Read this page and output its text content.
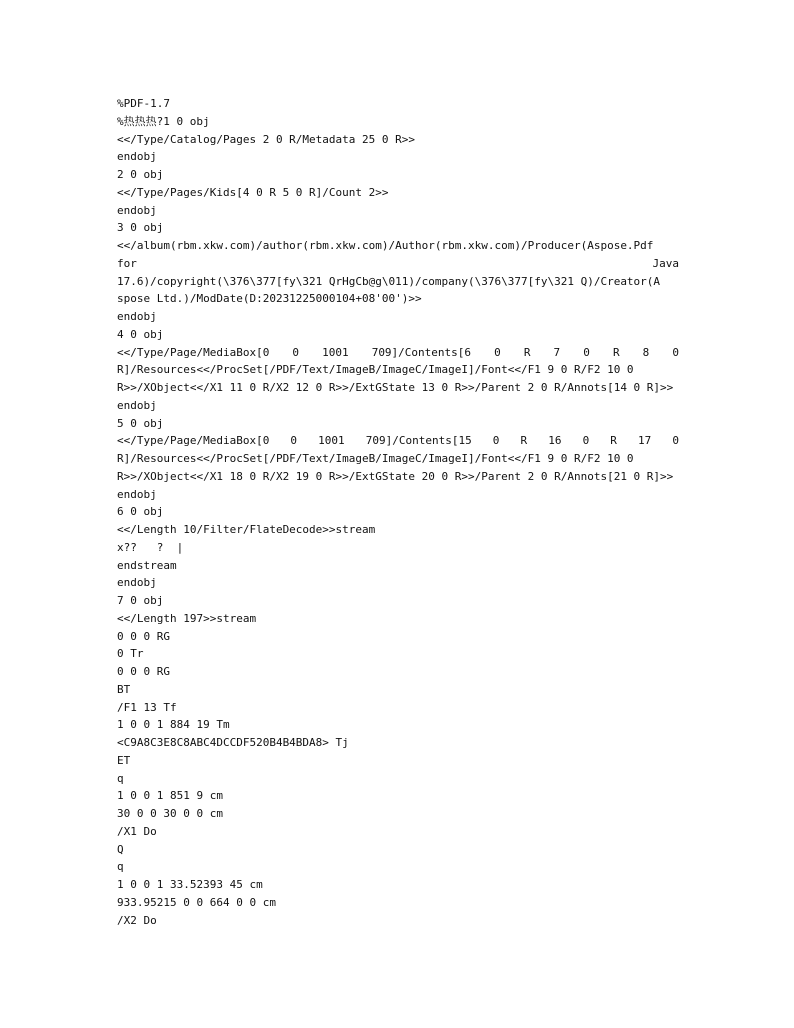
%PDF-1.7
%热热热?1 0 obj
<</Type/Catalog/Pages 2 0 R/Metadata 25 0 R>>
endobj
2 0 obj
<</Type/Pages/Kids[4 0 R 5 0 R]/Count 2>>
endobj
3 0 obj
<</album(rbm.xkw.com)/author(rbm.xkw.com)/Author(rbm.xkw.com)/Producer(Aspose.Pdf
for Java
17.6)/copyright(\376\377[fy\321 QrHgCb@g\011)/company(\376\377[fy\321 Q)/Creator(A
spose Ltd.)/ModDate(D:20231225000104+08'00')>>
endobj
4 0 obj
<</Type/Page/MediaBox[0 0 1001 709]/Contents[6 0 R 7 0 R 8 0
R]/Resources<</ProcSet[/PDF/Text/ImageB/ImageC/ImageI]/Font<</F1 9 0 R/F2 10 0
R>>/XObject<</X1 11 0 R/X2 12 0 R>>/ExtGState 13 0 R>>/Parent 2 0 R/Annots[14 0 R]>>
endobj
5 0 obj
<</Type/Page/MediaBox[0 0 1001 709]/Contents[15 0 R 16 0 R 17 0
R]/Resources<</ProcSet[/PDF/Text/ImageB/ImageC/ImageI]/Font<</F1 9 0 R/F2 10 0
R>>/XObject<</X1 18 0 R/X2 19 0 R>>/ExtGState 20 0 R>>/Parent 2 0 R/Annots[21 0 R]>>
endobj
6 0 obj
<</Length 10/Filter/FlateDecode>>stream
x??   ?  |
endstream
endobj
7 0 obj
<</Length 197>>stream
0 0 0 RG
0 Tr
0 0 0 RG
BT
/F1 13 Tf
1 0 0 1 884 19 Tm
<C9A8C3E8C8ABC4DCCDF520B4B4BDA8> Tj
ET
q
1 0 0 1 851 9 cm
30 0 0 30 0 0 cm
/X1 Do
Q
q
1 0 0 1 33.52393 45 cm
933.95215 0 0 664 0 0 cm
/X2 Do
